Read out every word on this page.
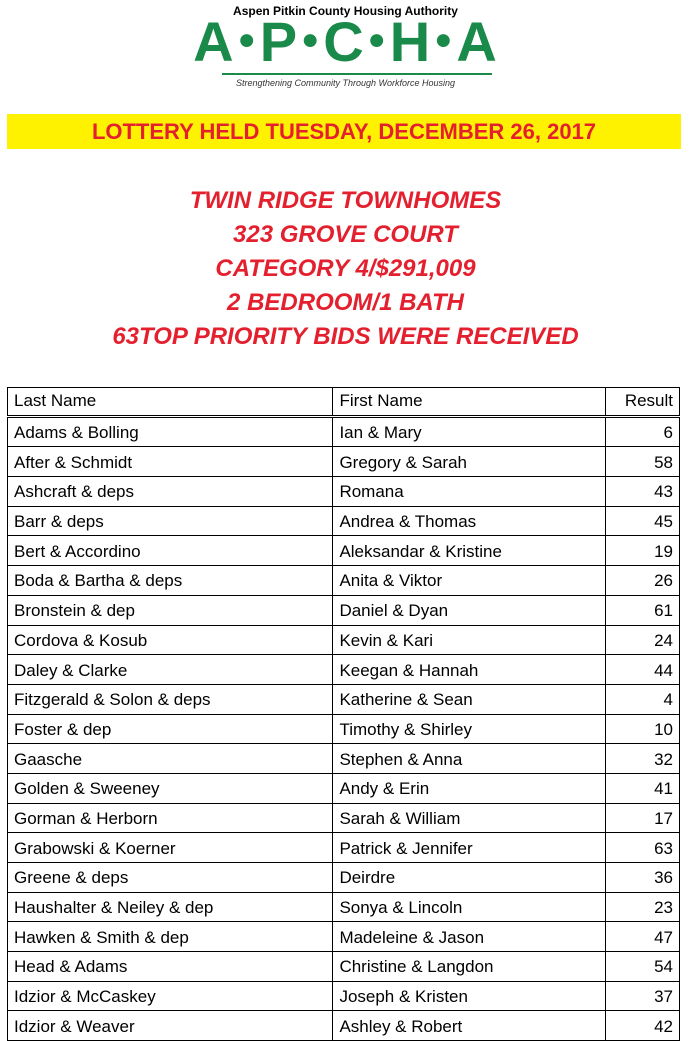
Aspen Pitkin County Housing Authority
A ●P ●C ●H ●A
Strengthening Community Through Workforce Housing
LOTTERY HELD TUESDAY, DECEMBER 26, 2017
TWIN RIDGE TOWNHOMES
323 GROVE COURT
CATEGORY 4/$291,009
2 BEDROOM/1 BATH
63TOP PRIORITY BIDS WERE RECEIVED
Last Name	First Name	Result
Adams & Bolling	Ian & Mary	6
After & Schmidt	Gregory & Sarah	58
Ashcraft & deps	Romana	43
Barr & deps	Andrea & Thomas	45
Bert & Accordino	Aleksandar & Kristine	19
Boda & Bartha & deps	Anita & Viktor	26
Bronstein & dep	Daniel & Dyan	61
Cordova & Kosub	Kevin & Kari	24
Daley & Clarke	Keegan & Hannah	44
Fitzgerald & Solon & deps	Katherine & Sean	4
Foster & dep	Timothy & Shirley	10
Gaasche	Stephen & Anna	32
Golden & Sweeney	Andy & Erin	41
Gorman & Herborn	Sarah & William	17
Grabowski & Koerner	Patrick & Jennifer	63
Greene & deps	Deirdre	36
Haushalter & Neiley & dep	Sonya & Lincoln	23
Hawken & Smith & dep	Madeleine & Jason	47
Head & Adams	Christine & Langdon	54
Idzior & McCaskey	Joseph & Kristen	37
Idzior & Weaver	Ashley & Robert	42
